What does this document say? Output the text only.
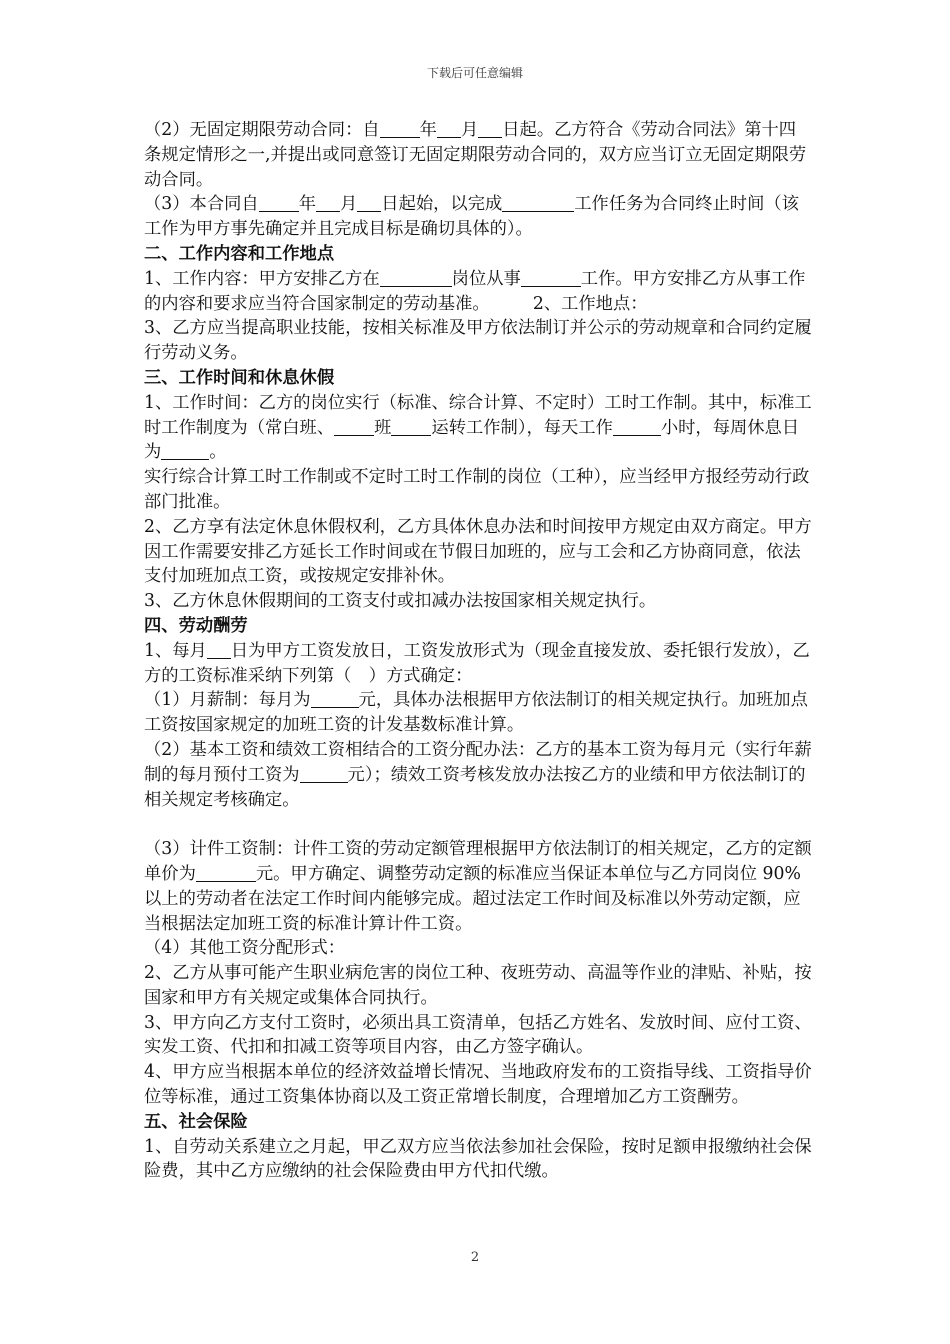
下载后可任意编辑

（2）无固定期限劳动合同：自 年 月 日起。乙方符合《劳动合同法》第十四条规定情形之一,并提出或同意签订无固定期限劳动合同的，双方应当订立无固定期限劳动合同。

（3）本合同自 年 月 日起始，以完成	工作任务为合同终止时间（该工作为甲方事先确定并且完成目标是确切具体的）。

二、工作内容和工作地点

1、工作内容：甲方安排乙方在	岗位从事	工作。甲方安排乙方从事工作的内容和要求应当符合国家制定的劳动基准。　　　2、工作地点：

3、乙方应当提高职业技能，按相关标准及甲方依法制订并公示的劳动规章和合同约定履行劳动义务。

三、工作时间和休息休假

1、工作时间：乙方的岗位实行（标准、综合计算、不定时）工时工作制。其中，标准工时工作制度为（常白班、 班 运转工作制），每天工作	小时，每周休息日为	。

实行综合计算工时工作制或不定时工时工作制的岗位（工种），应当经甲方报经劳动行政部门批准。

2、乙方享有法定休息休假权利，乙方具体休息办法和时间按甲方规定由双方商定。甲方因工作需要安排乙方延长工作时间或在节假日加班的，应与工会和乙方协商同意，依法支付加班加点工资，或按规定安排补休。

3、乙方休息休假期间的工资支付或扣减办法按国家相关规定执行。

四、劳动酬劳

1、每月 日为甲方工资发放日，工资发放形式为（现金直接发放、委托银行发放），乙方的工资标准采纳下列第（　）方式确定：

（1）月薪制：每月为	元，具体办法根据甲方依法制订的相关规定执行。加班加点工资按国家规定的加班工资的计发基数标准计算。

（2）基本工资和绩效工资相结合的工资分配办法：乙方的基本工资为每月元（实行年薪制的每月预付工资为	元）；绩效工资考核发放办法按乙方的业绩和甲方依法制订的相关规定考核确定。

（3）计件工资制：计件工资的劳动定额管理根据甲方依法制订的相关规定，乙方的定额单价为	元。甲方确定、调整劳动定额的标准应当保证本单位与乙方同岗位 90%以上的劳动者在法定工作时间内能够完成。超过法定工作时间及标准以外劳动定额，应当根据法定加班工资的标准计算计件工资。

（4）其他工资分配形式：

2、乙方从事可能产生职业病危害的岗位工种、夜班劳动、高温等作业的津贴、补贴，按国家和甲方有关规定或集体合同执行。

3、甲方向乙方支付工资时，必须出具工资清单，包括乙方姓名、发放时间、应付工资、实发工资、代扣和扣减工资等项目内容，由乙方签字确认。

4、甲方应当根据本单位的经济效益增长情况、当地政府发布的工资指导线、工资指导价位等标准，通过工资集体协商以及工资正常增长制度，合理增加乙方工资酬劳。

五、社会保险

1、自劳动关系建立之月起，甲乙双方应当依法参加社会保险，按时足额申报缴纳社会保险费，其中乙方应缴纳的社会保险费由甲方代扣代缴。

2
